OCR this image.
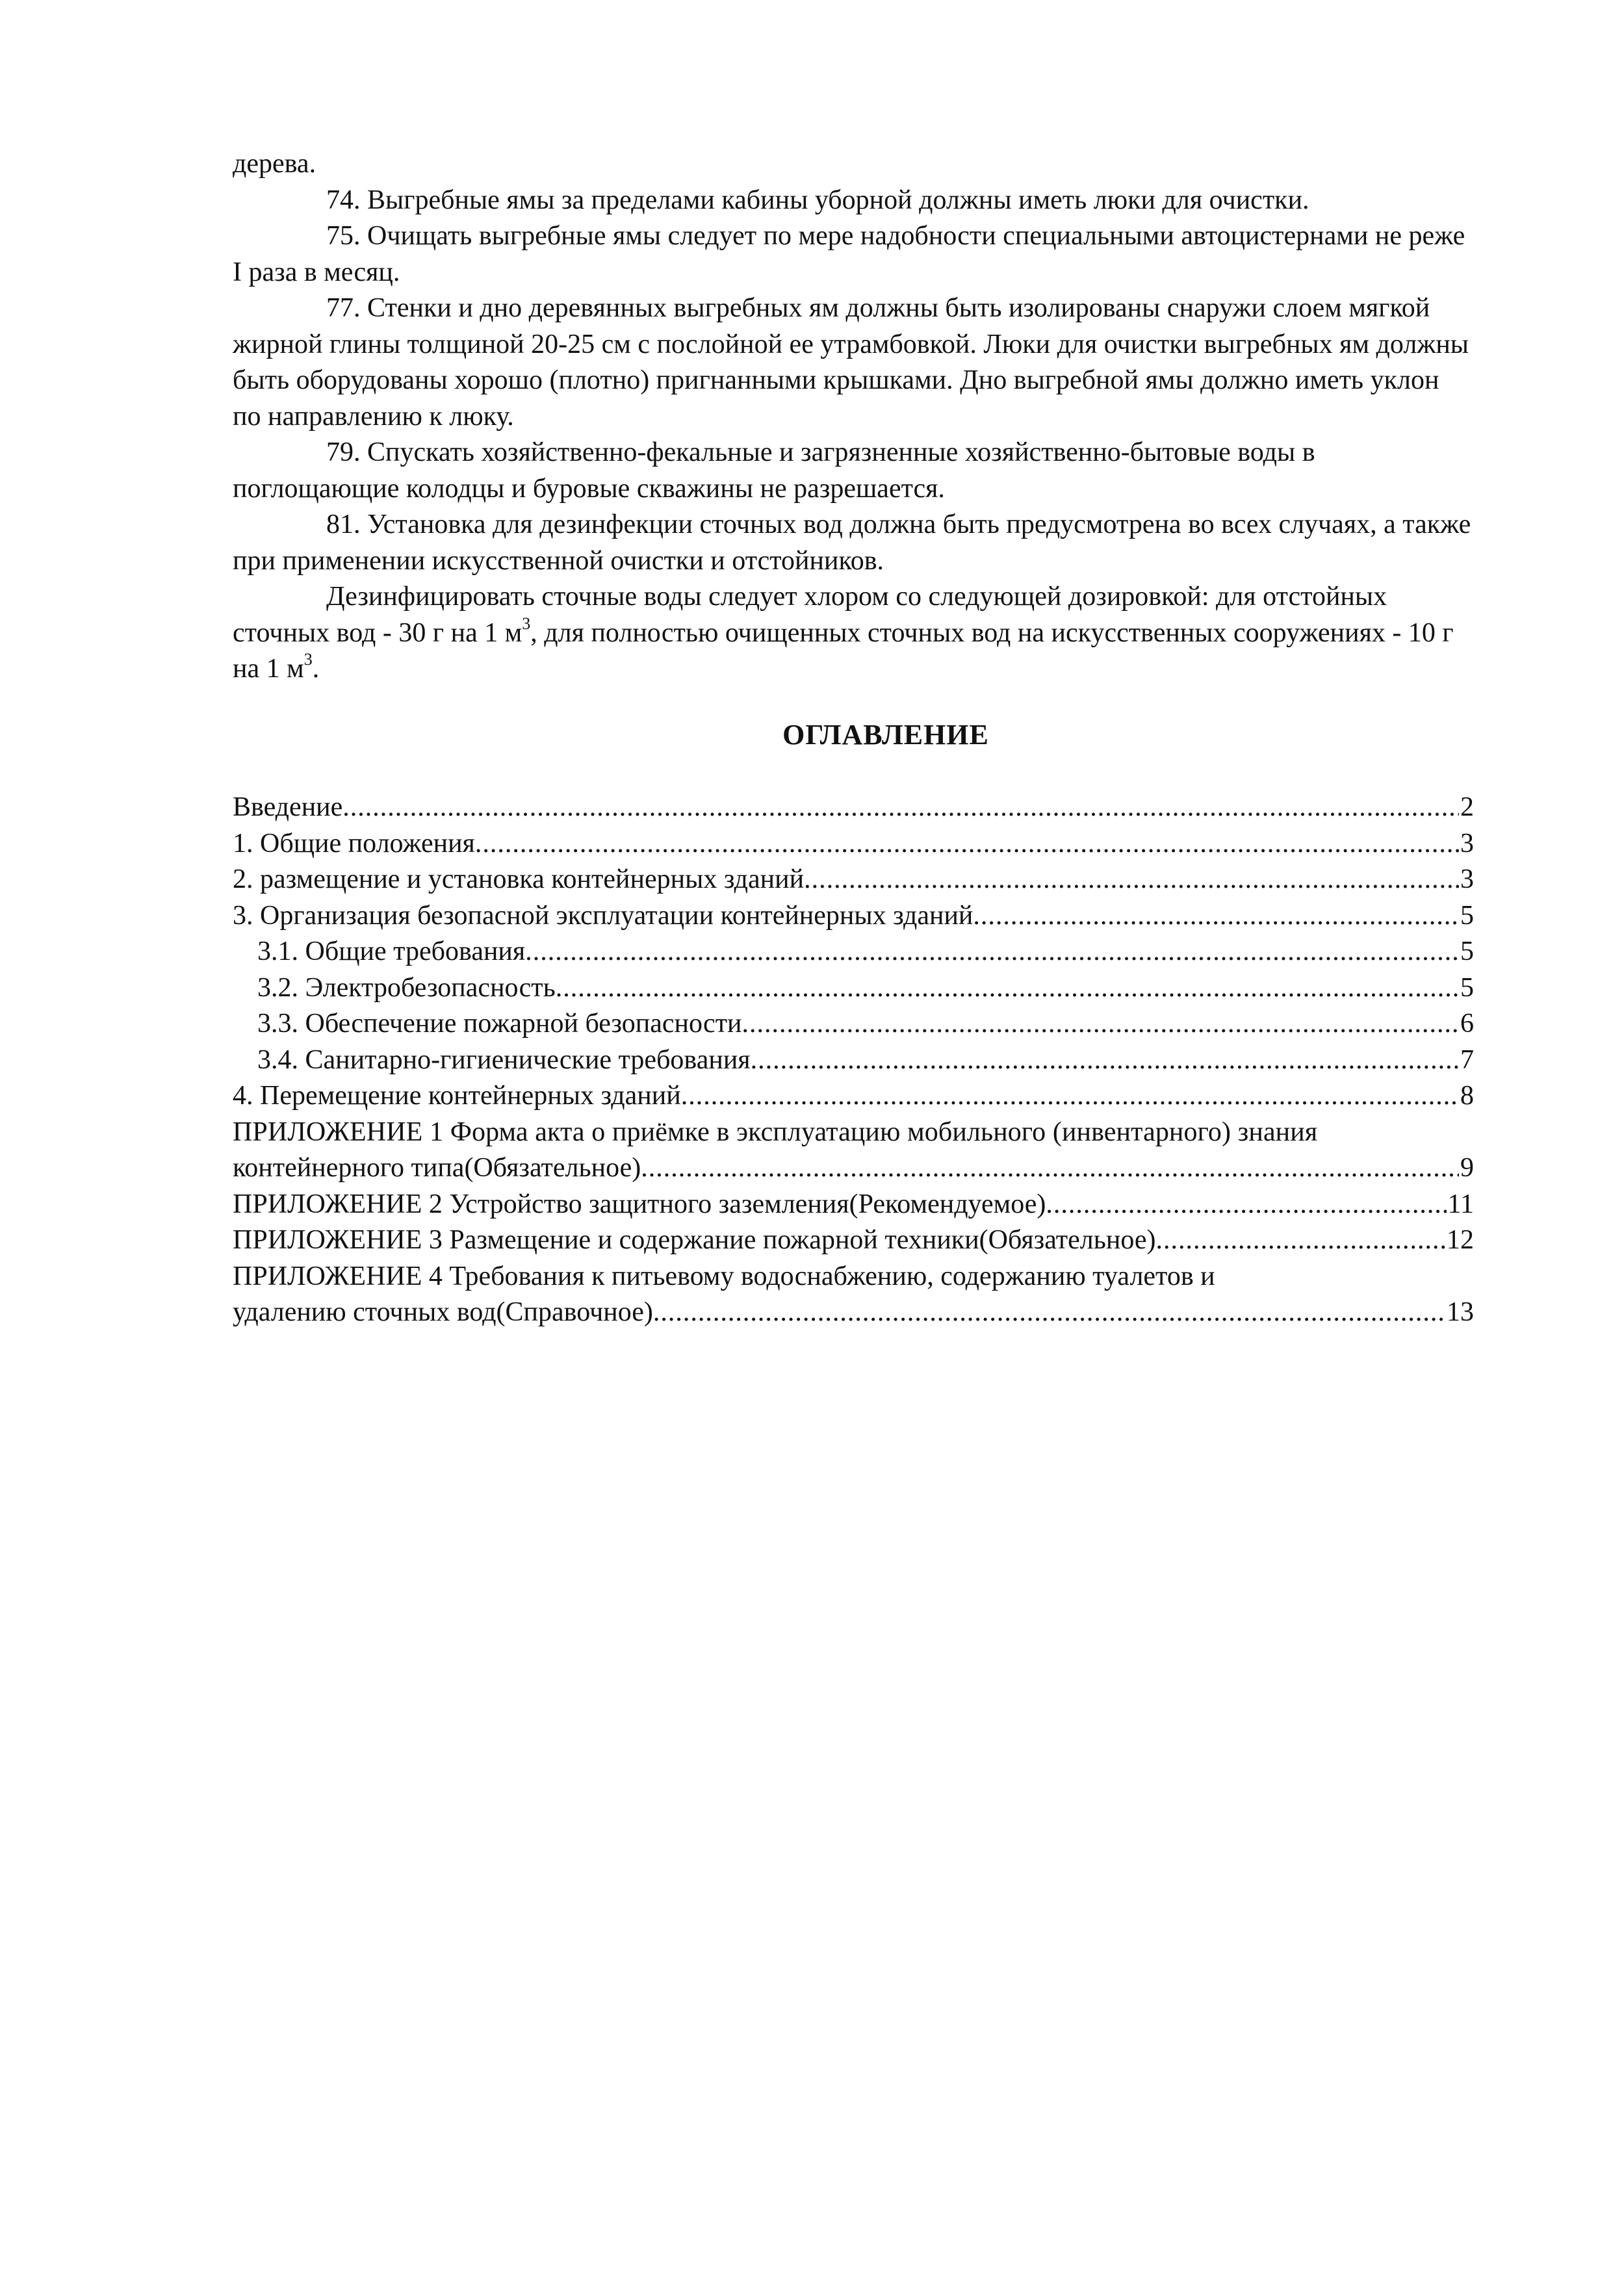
дерева.

74. Выгребные ямы за пределами кабины уборной должны иметь люки для очистки.

75. Очищать выгребные ямы следует по мере надобности специальными автоцистернами не реже I раза в месяц.

77. Стенки и дно деревянных выгребных ям должны быть изолированы снаружи слоем мягкой жирной глины толщиной 20-25 см с послойной ее утрамбовкой. Люки для очистки выгребных ям должны быть оборудованы хорошо (плотно) пригнанными крышками. Дно выгребной ямы должно иметь уклон по направлению к люку.

79. Спускать хозяйственно-фекальные и загрязненные хозяйственно-бытовые воды в поглощающие колодцы и буровые скважины не разрешается.

81. Установка для дезинфекции сточных вод должна быть предусмотрена во всех случаях, а также при применении искусственной очистки и отстойников.

Дезинфицировать сточные воды следует хлором со следующей дозировкой: для отстойных сточных вод - 30 г на 1 $м^3$, для полностью очищенных сточных вод на искусственных сооружениях - 10 г на 1 $м^3$.

ОГЛАВЛЕНИЕ
Введение .....	2
1. Общие положения .....	3
2. размещение и установка контейнерных зданий .....	3
3. Организация безопасной эксплуатации контейнерных зданий .....	5
3.1. Общие требования .....	5
3.2. Электробезопасность .....	5
3.3. Обеспечение пожарной безопасности .....	6
3.4. Санитарно-гигиенические требования .....	7
4. Перемещение контейнерных зданий .....	8
ПРИЛОЖЕНИЕ 1 Форма акта о приёмке в эксплуатацию мобильного (инвентарного) знания
контейнерного типа(Обязательное) .....	9
ПРИЛОЖЕНИЕ 2 Устройство защитного заземления(Рекомендуемое) .....	11
ПРИЛОЖЕНИЕ 3 Размещение и содержание пожарной техники(Обязательное) .....	12
ПРИЛОЖЕНИЕ 4 Требования к питьевому водоснабжению, содержанию туалетов и
удалению сточных вод(Справочное) .....	13
